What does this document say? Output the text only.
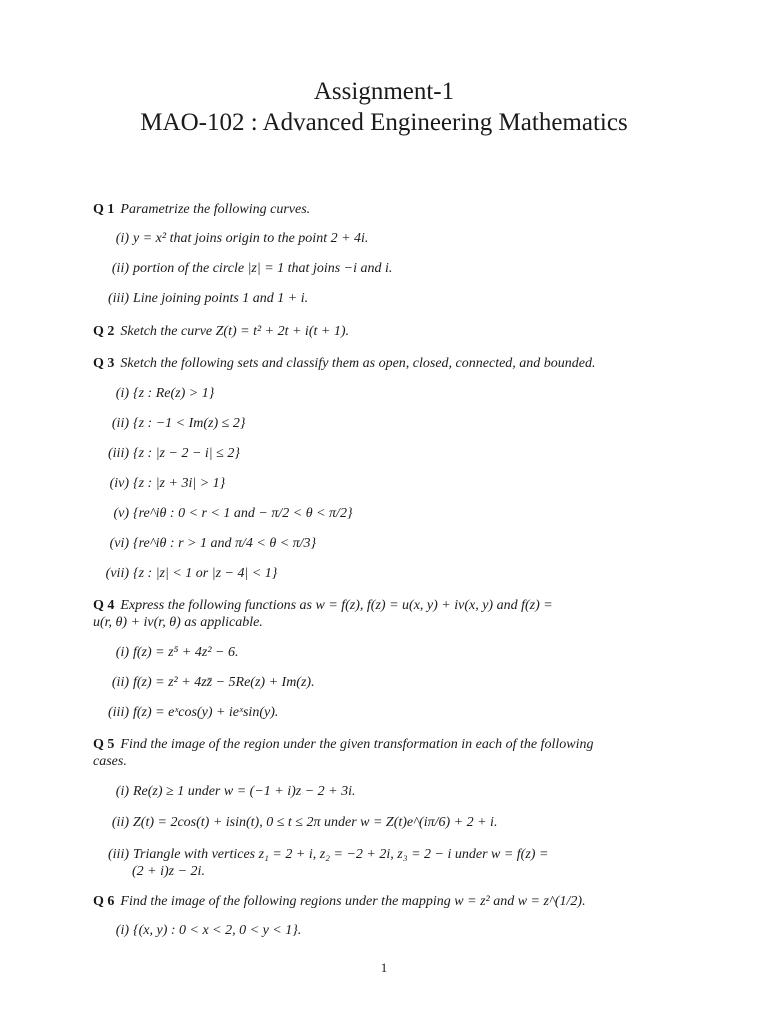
Assignment-1
MAO-102 : Advanced Engineering Mathematics
Q 1 Parametrize the following curves.
(i) y = x² that joins origin to the point 2 + 4i.
(ii) portion of the circle |z| = 1 that joins −i and i.
(iii) Line joining points 1 and 1 + i.
Q 2 Sketch the curve Z(t) = t² + 2t + i(t + 1).
Q 3 Sketch the following sets and classify them as open, closed, connected, and bounded.
(i) {z : Re(z) > 1}
(ii) {z : −1 < Im(z) ≤ 2}
(iii) {z : |z − 2 − i| ≤ 2}
(iv) {z : |z + 3i| > 1}
(v) {re^iθ : 0 < r < 1 and − π/2 < θ < π/2}
(vi) {re^iθ : r > 1 and π/4 < θ < π/3}
(vii) {z : |z| < 1 or |z − 4| < 1}
Q 4 Express the following functions as w = f(z), f(z) = u(x, y) + iv(x, y) and f(z) =
u(r, θ) + iv(r, θ) as applicable.
(i) f(z) = z⁵ + 4z² − 6.
(ii) f(z) = z² + 4zz̄ − 5Re(z) + Im(z).
(iii) f(z) = eˣcos(y) + ieˣsin(y).
Q 5 Find the image of the region under the given transformation in each of the following
cases.
(i) Re(z) ≥ 1 under w = (−1 + i)z − 2 + 3i.
(ii) Z(t) = 2cos(t) + isin(t), 0 ≤ t ≤ 2π under w = Z(t)e^(iπ/6) + 2 + i.
(iii) Triangle with vertices z₁ = 2 + i, z₂ = −2 + 2i, z₃ = 2 − i under w = f(z) =
(2 + i)z − 2i.
Q 6 Find the image of the following regions under the mapping w = z² and w = z^(1/2).
(i) {(x, y) : 0 < x < 2, 0 < y < 1}.
1
